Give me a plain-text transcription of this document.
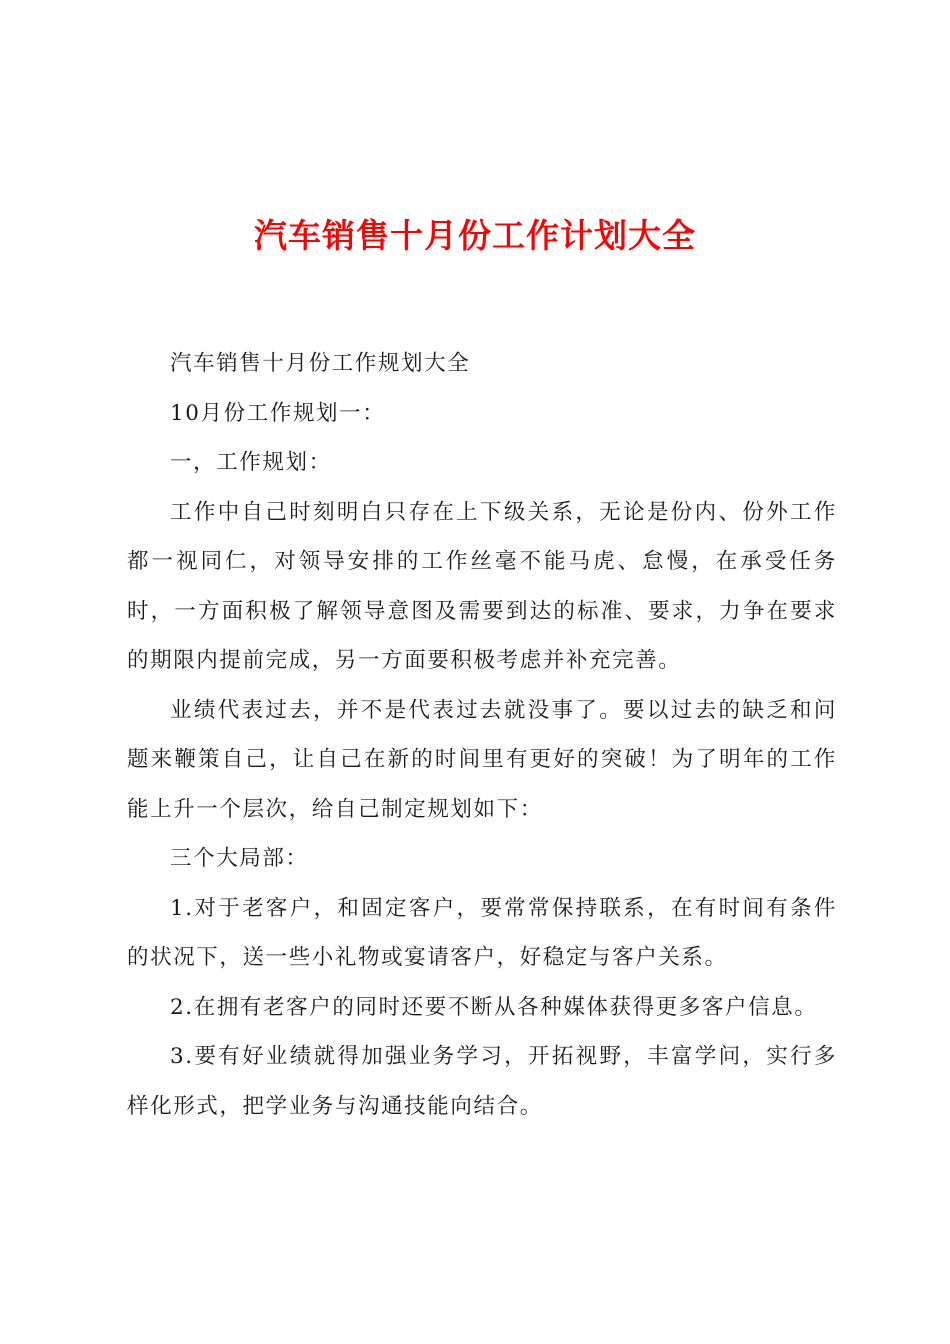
汽车销售十月份工作计划大全

汽车销售十月份工作规划大全

10月份工作规划一：

一，工作规划：

工作中自己时刻明白只存在上下级关系，无论是份内、份外工作都一视同仁，对领导安排的工作丝毫不能马虎、怠慢，在承受任务时，一方面积极了解领导意图及需要到达的标准、要求，力争在要求的期限内提前完成，另一方面要积极考虑并补充完善。

业绩代表过去，并不是代表过去就没事了。要以过去的缺乏和问题来鞭策自己，让自己在新的时间里有更好的突破！为了明年的工作能上升一个层次，给自己制定规划如下：

三个大局部：

1.对于老客户，和固定客户，要常常保持联系，在有时间有条件的状况下，送一些小礼物或宴请客户，好稳定与客户关系。

2.在拥有老客户的同时还要不断从各种媒体获得更多客户信息。

3.要有好业绩就得加强业务学习，开拓视野，丰富学问，实行多样化形式，把学业务与沟通技能向结合。
